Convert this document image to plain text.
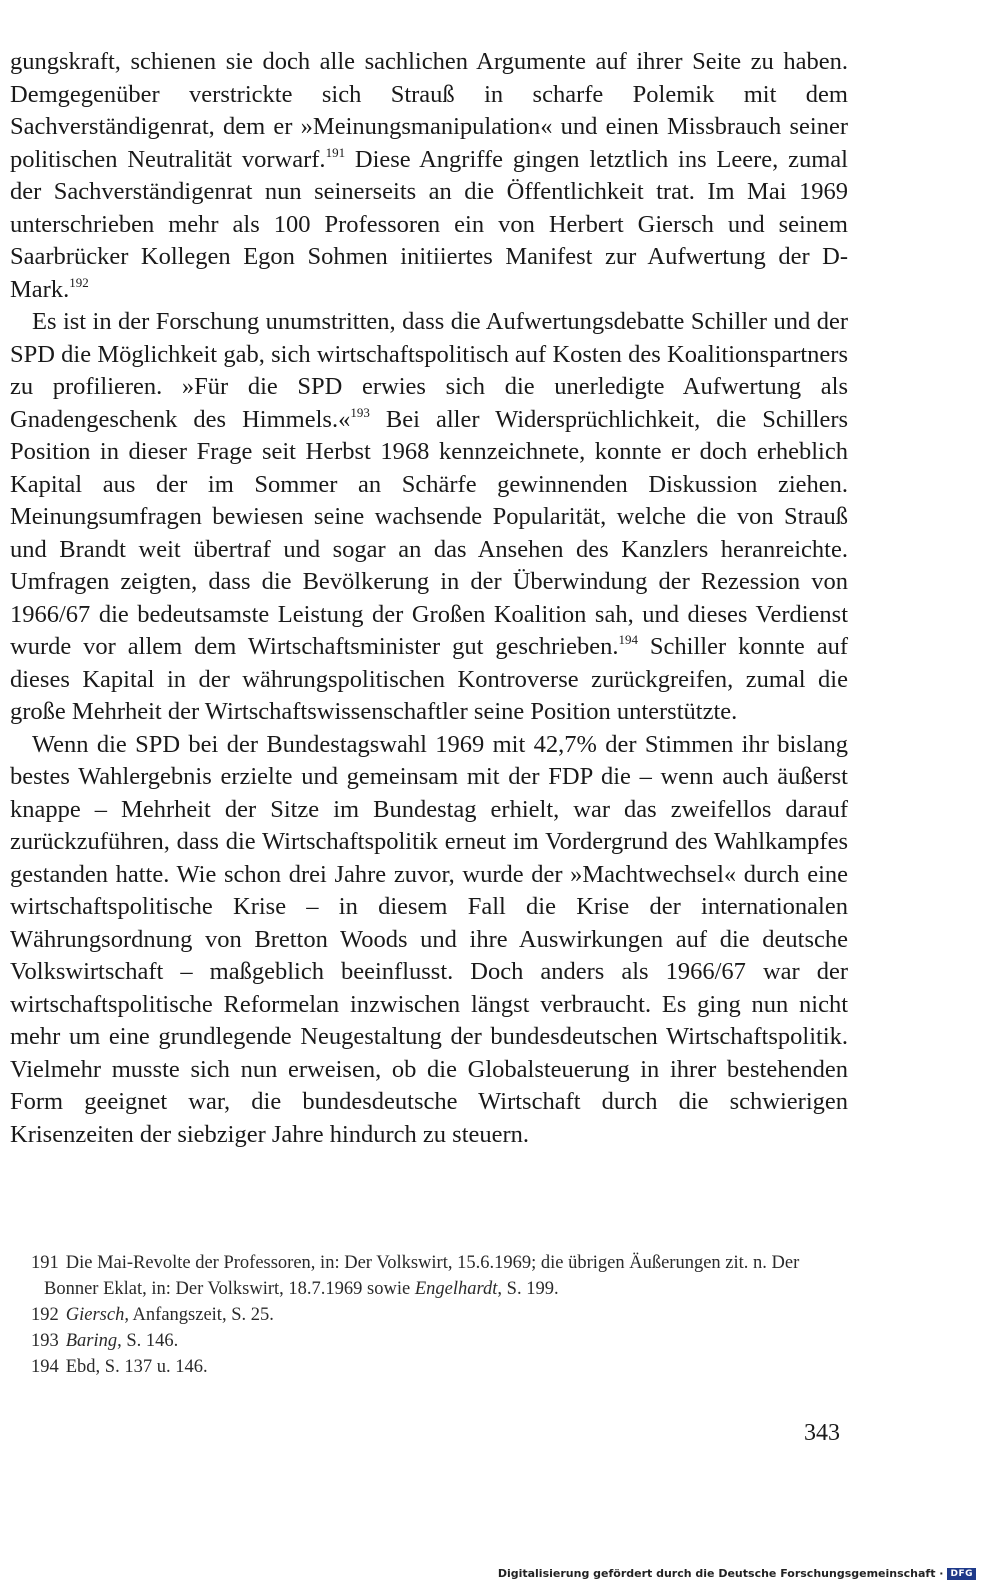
gungskraft, schienen sie doch alle sachlichen Argumente auf ihrer Seite zu haben. Demgegenüber verstrickte sich Strauß in scharfe Polemik mit dem Sachverständigenrat, dem er »Meinungsmanipulation« und einen Missbrauch seiner politischen Neutralität vorwarf.$^{191}$ Diese Angriffe gingen letztlich ins Leere, zumal der Sachverständigenrat nun seinerseits an die Öffentlichkeit trat. Im Mai 1969 unterschrieben mehr als 100 Professoren ein von Herbert Giersch und seinem Saarbrücker Kollegen Egon Sohmen initiiertes Manifest zur Aufwertung der D-Mark.$^{192}$

Es ist in der Forschung unumstritten, dass die Aufwertungsdebatte Schiller und der SPD die Möglichkeit gab, sich wirtschaftspolitisch auf Kosten des Koalitionspartners zu profilieren. »Für die SPD erwies sich die unerledigte Aufwertung als Gnadengeschenk des Himmels.«$^{193}$ Bei aller Widersprüchlichkeit, die Schillers Position in dieser Frage seit Herbst 1968 kennzeichnete, konnte er doch erheblich Kapital aus der im Sommer an Schärfe gewinnenden Diskussion ziehen. Meinungsumfragen bewiesen seine wachsende Popularität, welche die von Strauß und Brandt weit übertraf und sogar an das Ansehen des Kanzlers heranreichte. Umfragen zeigten, dass die Bevölkerung in der Überwindung der Rezession von 1966/67 die bedeutsamste Leistung der Großen Koalition sah, und dieses Verdienst wurde vor allem dem Wirtschaftsminister gut geschrieben.$^{194}$ Schiller konnte auf dieses Kapital in der währungspolitischen Kontroverse zurückgreifen, zumal die große Mehrheit der Wirtschaftswissenschaftler seine Position unterstützte.

Wenn die SPD bei der Bundestagswahl 1969 mit 42,7% der Stimmen ihr bislang bestes Wahlergebnis erzielte und gemeinsam mit der FDP die – wenn auch äußerst knappe – Mehrheit der Sitze im Bundestag erhielt, war das zweifellos darauf zurückzuführen, dass die Wirtschaftspolitik erneut im Vordergrund des Wahlkampfes gestanden hatte. Wie schon drei Jahre zuvor, wurde der »Machtwechsel« durch eine wirtschaftspolitische Krise – in diesem Fall die Krise der internationalen Währungsordnung von Bretton Woods und ihre Auswirkungen auf die deutsche Volkswirtschaft – maßgeblich beeinflusst. Doch anders als 1966/67 war der wirtschaftspolitische Reformelan inzwischen längst verbraucht. Es ging nun nicht mehr um eine grundlegende Neugestaltung der bundesdeutschen Wirtschaftspolitik. Vielmehr musste sich nun erweisen, ob die Globalsteuerung in ihrer bestehenden Form geeignet war, die bundesdeutsche Wirtschaft durch die schwierigen Krisenzeiten der siebziger Jahre hindurch zu steuern.

191 Die Mai-Revolte der Professoren, in: Der Volkswirt, 15.6.1969; die übrigen Äußerungen zit. n. Der Bonner Eklat, in: Der Volkswirt, 18.7.1969 sowie Engelhardt, S. 199.
192 Giersch, Anfangszeit, S. 25.
193 Baring, S. 146.
194 Ebd, S. 137 u. 146.
343
Digitalisierung gefördert durch die Deutsche Forschungsgemeinschaft · DFG
